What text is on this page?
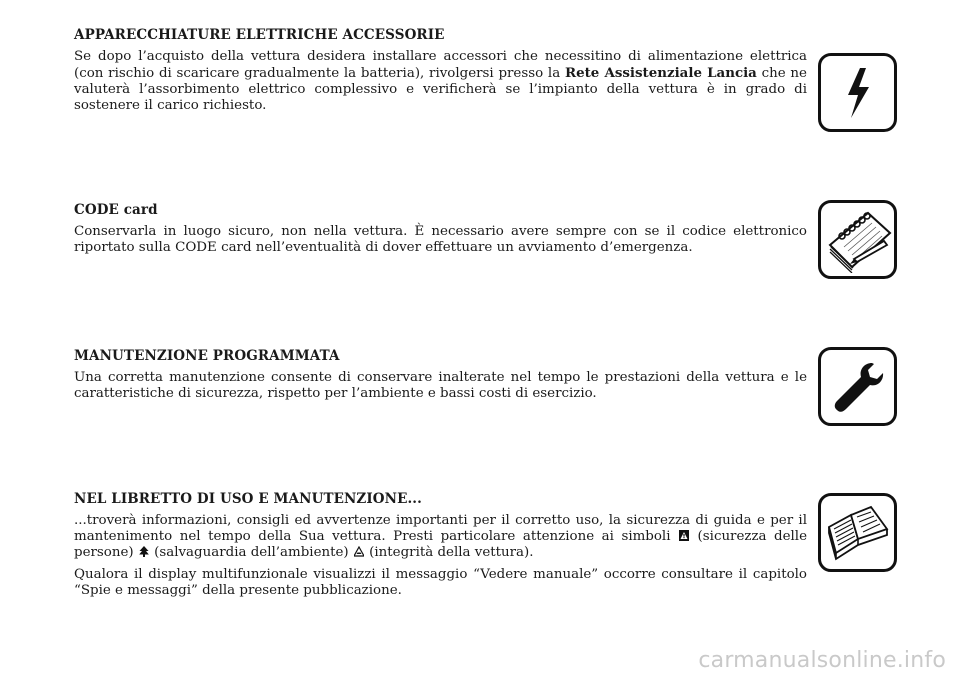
APPARECCHIATURE ELETTRICHE ACCESSORIE

Se dopo l’acquisto della vettura desidera installare accessori che necessitino di alimentazione elettrica (con rischio di scaricare gradualmente la batteria), rivolgersi presso la Rete Assistenziale Lancia che ne valuterà l’assorbimento elettrico complessivo e verificherà se l’impianto della vettura è in grado di sostenere il carico richiesto.

CODE card

Conservarla in luogo sicuro, non nella vettura. È necessario avere sempre con se il codice elettronico riportato sulla CODE card nell’eventualità di dover effettuare un avviamento d’emergenza.

MANUTENZIONE PROGRAMMATA

Una corretta manutenzione consente di conservare inalterate nel tempo le prestazioni della vettura e le caratteristiche di sicurezza, rispetto per l’ambiente e bassi costi di esercizio.

NEL LIBRETTO DI USO E MANUTENZIONE...

...troverà informazioni, consigli ed avvertenze importanti per il corretto uso, la sicurezza di guida e per il mantenimento nel tempo della Sua vettura. Presti particolare attenzione ai simboli  (sicurezza delle persone)  (salvaguardia dell’ambiente)  (integrità della vettura).

Qualora il display multifunzionale visualizzi il messaggio “Vedere manuale” occorre consultare il capitolo “Spie e messaggi” della presente pubblicazione.

carmanualsonline.info
